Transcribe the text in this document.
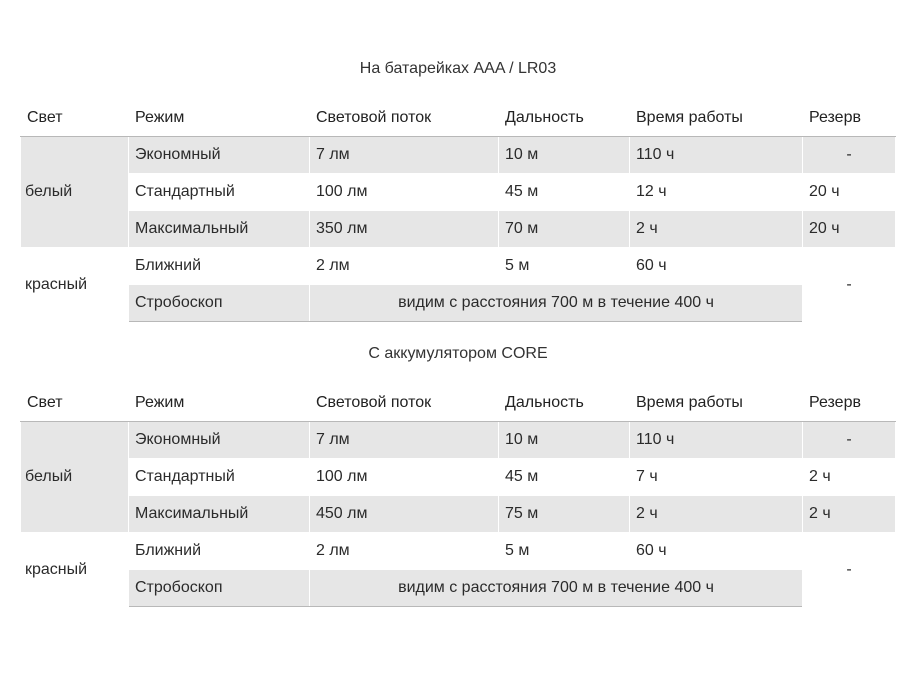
На батарейках AAA / LR03
Свет	Режим	Световой поток	Дальность	Время работы	Резерв
белый	Экономный	7 лм	10 м	110 ч	-
	Стандартный	100 лм	45 м	12 ч	20 ч
	Максимальный	350 лм	70 м	2 ч	20 ч
красный	Ближний	2 лм	5 м	60 ч	-
	Стробоскоп	видим с расстояния 700 м в течение 400 ч			
С аккумулятором CORE
Свет	Режим	Световой поток	Дальность	Время работы	Резерв
белый	Экономный	7 лм	10 м	110 ч	-
	Стандартный	100 лм	45 м	7 ч	2 ч
	Максимальный	450 лм	75 м	2 ч	2 ч
красный	Ближний	2 лм	5 м	60 ч	-
	Стробоскоп	видим с расстояния 700 м в течение 400 ч			
